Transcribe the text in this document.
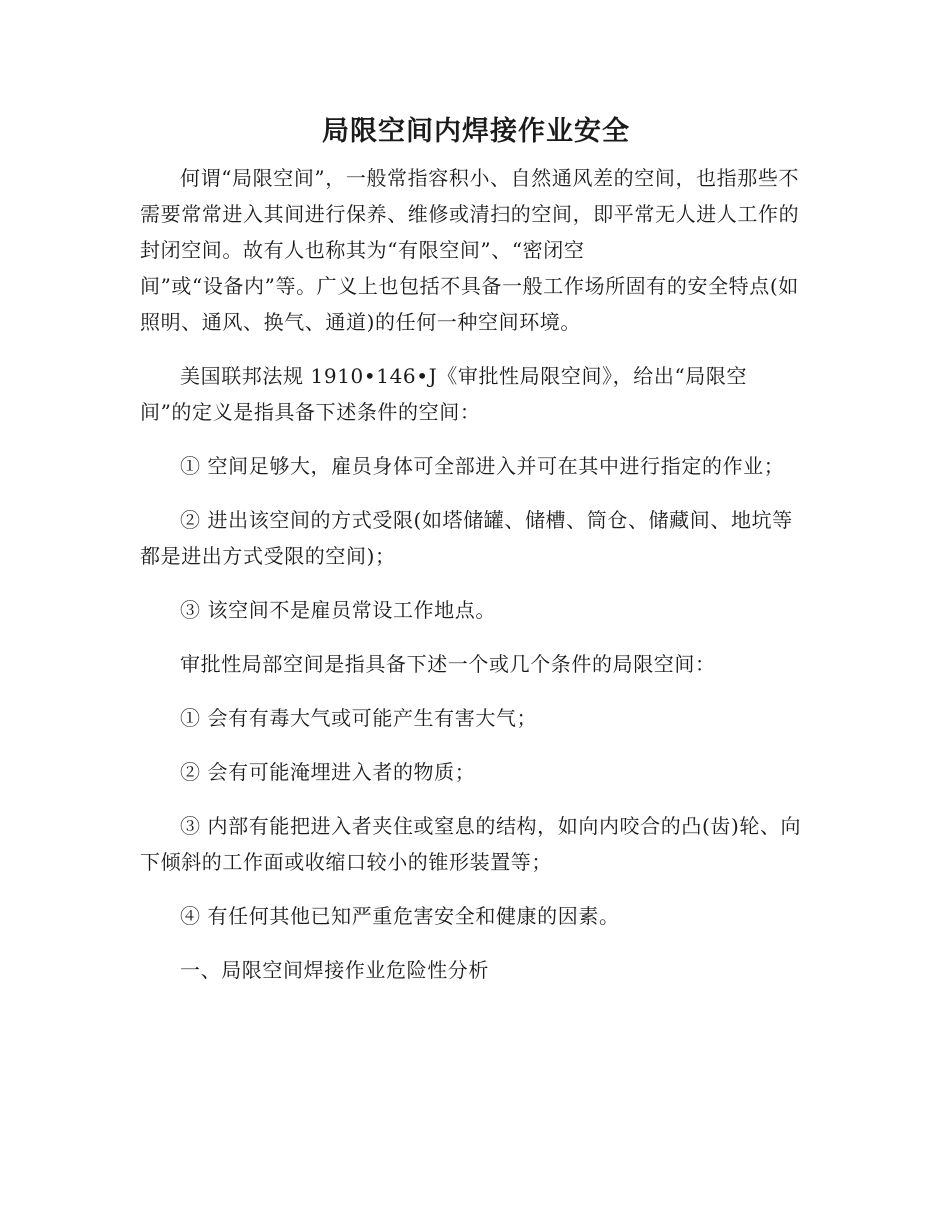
局限空间内焊接作业安全

何谓“局限空间”，一般常指容积小、自然通风差的空间，也指那些不需要常常进入其间进行保养、维修或清扫的空间，即平常无人进人工作的封闭空间。故有人也称其为“有限空间”、“密闭空
间”或“设备内”等。广义上也包括不具备一般工作场所固有的安全特点(如照明、通风、换气、通道)的任何一种空间环境。

美国联邦法规 1910•146•J《审批性局限空间》，给出“局限空
间”的定义是指具备下述条件的空间：

① 空间足够大，雇员身体可全部进入并可在其中进行指定的作业；

② 进出该空间的方式受限(如塔储罐、储槽、筒仓、储藏间、地坑等都是进出方式受限的空间)；

③ 该空间不是雇员常设工作地点。

审批性局部空间是指具备下述一个或几个条件的局限空间：

① 会有有毒大气或可能产生有害大气；

② 会有可能淹埋进入者的物质；

③ 内部有能把进入者夹住或窒息的结构，如向内咬合的凸(齿)轮、向下倾斜的工作面或收缩口较小的锥形装置等；

④ 有任何其他已知严重危害安全和健康的因素。

一、局限空间焊接作业危险性分析
